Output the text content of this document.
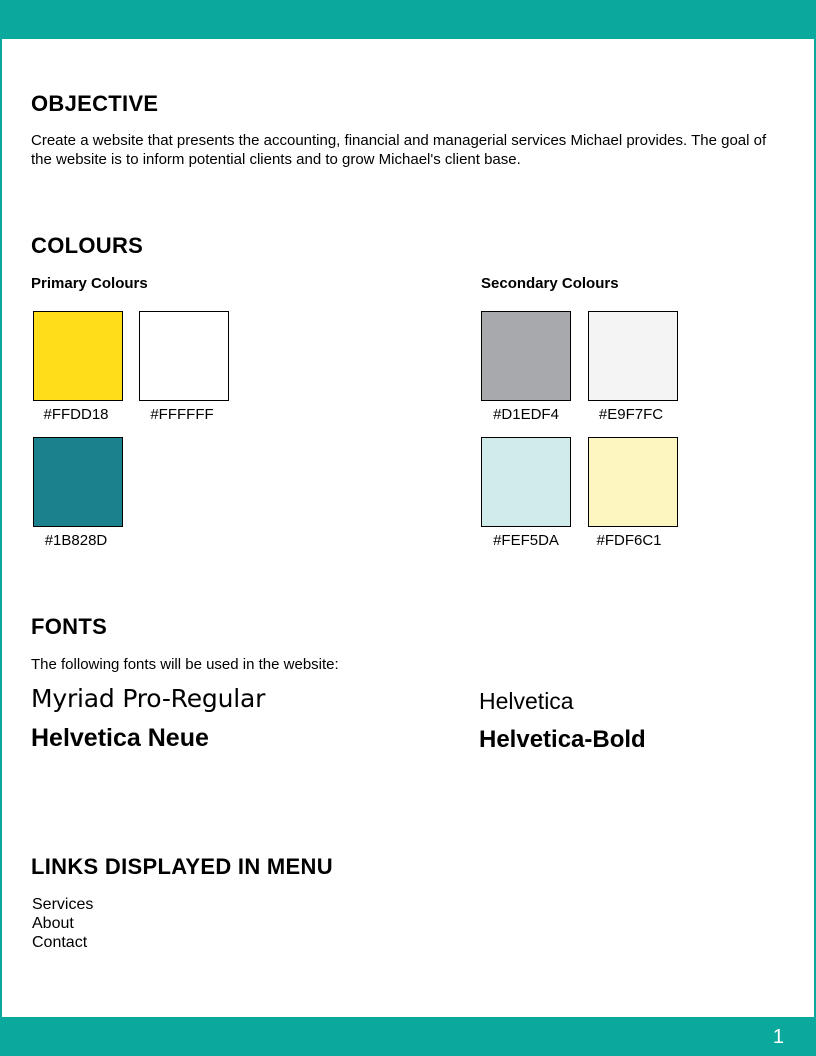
OBJECTIVE

Create a website that presents the accounting, financial and managerial services Michael provides. The goal of the website is to inform potential clients and to grow Michael's client base.

COLOURS
Primary Colours	Secondary Colours
#FFDD18	#FFFFFF
#1B828D
#D1EDF4	#E9F7FC
#FEF5DA	#FDF6C1
FONTS

The following fonts will be used in the website:

Myriad Pro-Regular	Helvetica
Helvetica Neue	Helvetica-Bold
LINKS DISPLAYED IN MENU
Services
About
Contact
1
